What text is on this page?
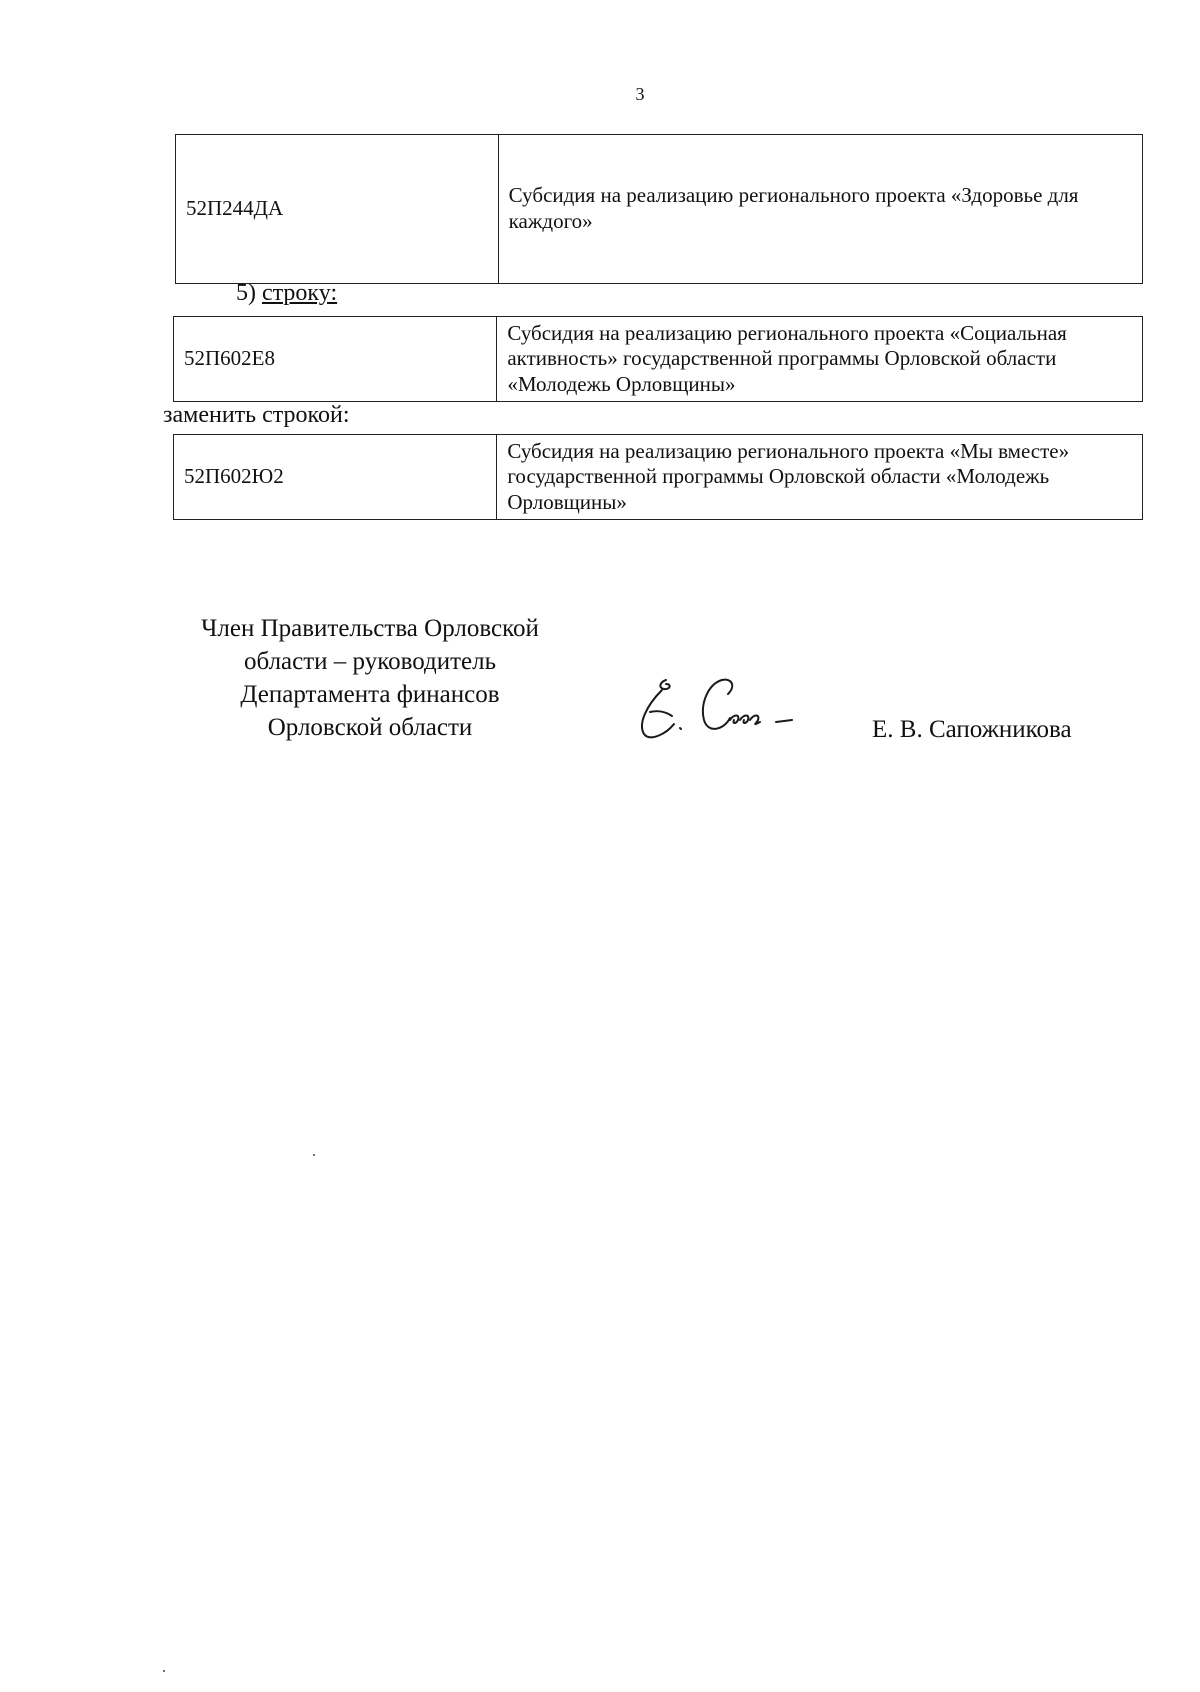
3
52П244ДА	Субсидия на реализацию регионального проекта «Здоровье для каждого»
5) строку:
52П602Е8	Субсидия на реализацию регионального проекта «Социальная активность» государственной программы Орловской области «Молодежь Орловщины»
заменить строкой:
52П602Ю2	Субсидия на реализацию регионального проекта «Мы вместе» государственной программы Орловской области «Молодежь Орловщины»
Член Правительства Орловской
области – руководитель
Департамента финансов
Орловской области	Е. В. Сапожникова
